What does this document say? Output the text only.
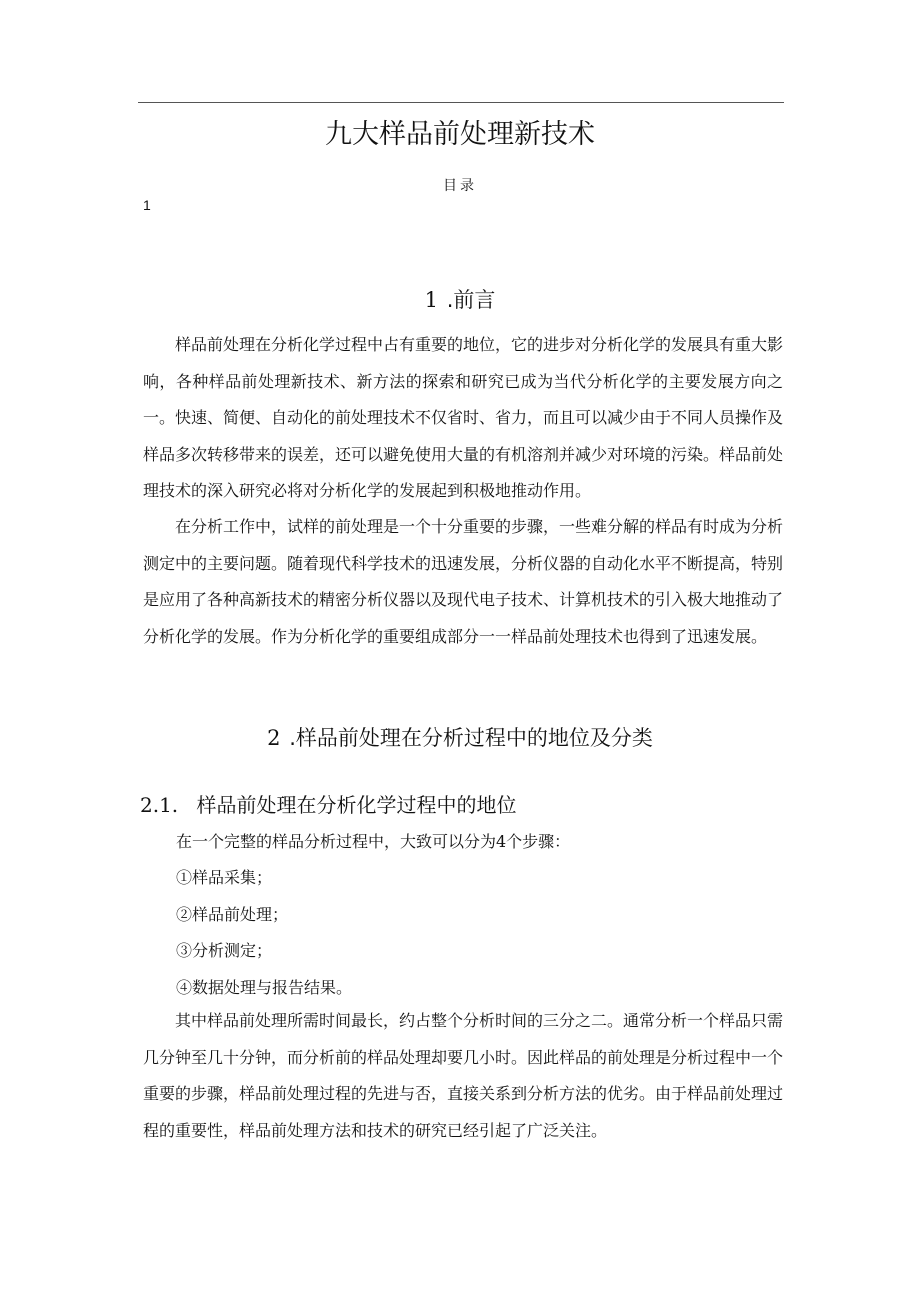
九大样品前处理新技术
目录
1
1 .前言

样品前处理在分析化学过程中占有重要的地位，它的进步对分析化学的发展具有重大影响，各种样品前处理新技术、新方法的探索和研究已成为当代分析化学的主要发展方向之一。快速、简便、自动化的前处理技术不仅省时、省力，而且可以减少由于不同人员操作及样品多次转移带来的误差，还可以避免使用大量的有机溶剂并减少对环境的污染。样品前处理技术的深入研究必将对分析化学的发展起到积极地推动作用。

在分析工作中，试样的前处理是一个十分重要的步骤，一些难分解的样品有时成为分析测定中的主要问题。随着现代科学技术的迅速发展，分析仪器的自动化水平不断提高，特别是应用了各种高新技术的精密分析仪器以及现代电子技术、计算机技术的引入极大地推动了分析化学的发展。作为分析化学的重要组成部分一一样品前处理技术也得到了迅速发展。

2 .样品前处理在分析过程中的地位及分类
2.1. 样品前处理在分析化学过程中的地位
在一个完整的样品分析过程中，大致可以分为4个步骤：
①样品采集；
②样品前处理；
③分析测定；
④数据处理与报告结果。

其中样品前处理所需时间最长，约占整个分析时间的三分之二。通常分析一个样品只需几分钟至几十分钟，而分析前的样品处理却要几小时。因此样品的前处理是分析过程中一个重要的步骤，样品前处理过程的先进与否，直接关系到分析方法的优劣。由于样品前处理过程的重要性，样品前处理方法和技术的研究已经引起了广泛关注。
